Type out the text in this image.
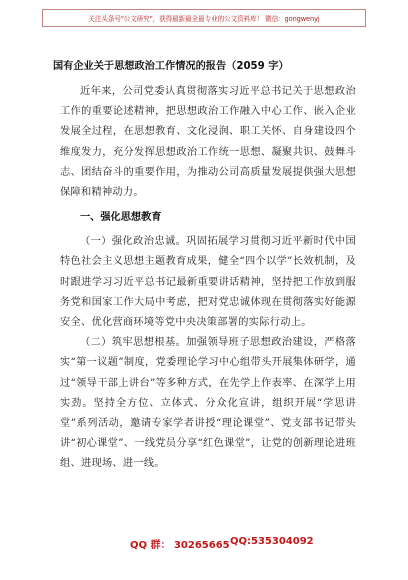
关注头条号"公文研究"，获得最新最全最专业的公文资料库！ 微信：gongwenyj
国有企业关于思想政治工作情况的报告（2059 字）

近年来，公司党委认真贯彻落实习近平总书记关于思想政治工作的重要论述精神，把思想政治工作融入中心工作、嵌入企业发展全过程，在思想教育、文化浸润、职工关怀、自身建设四个维度发力，充分发挥思想政治工作统一思想、凝聚共识、鼓舞斗志、团结奋斗的重要作用，为推动公司高质量发展提供强大思想保障和精神动力。

一、强化思想教育

（一）强化政治忠诚。巩固拓展学习贯彻习近平新时代中国特色社会主义思想主题教育成果，健全“四个以学”长效机制，及时跟进学习习近平总书记最新重要讲话精神，坚持把工作放到服务党和国家工作大局中考虑，把对党忠诚体现在贯彻落实好能源安全、优化营商环境等党中央决策部署的实际行动上。

（二）筑牢思想根基。加强领导班子思想政治建设，严格落实“第一议题”制度，党委理论学习中心组带头开展集体研学，通过“领导干部上讲台”等多种方式，在先学上作表率、在深学上用实劲。坚持全方位、立体式、分众化宣讲，组织开展“学思讲堂”系列活动，邀请专家学者讲授“理论课堂”、党支部书记带头讲“初心课堂”、一线党员分享“红色课堂”，让党的创新理论进班组、进现场、进一线。

QQ 群： 30265665 QQ:535304092
